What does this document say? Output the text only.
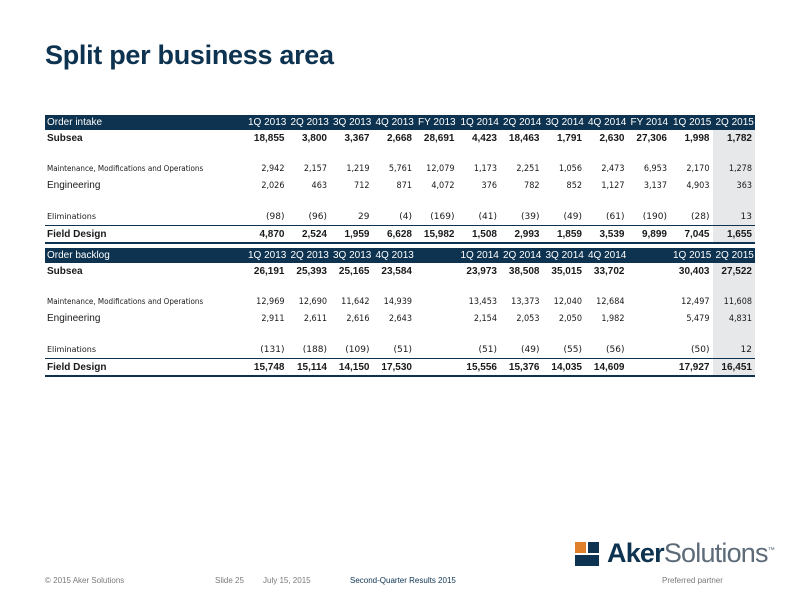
Split per business area
Order intake	1Q 2013	2Q 2013	3Q 2013	4Q 2013	FY 2013	1Q 2014	2Q 2014	3Q 2014	4Q 2014	FY 2014	1Q 2015	2Q 2015
Subsea	18,855	3,800	3,367	2,668	28,691	4,423	18,463	1,791	2,630	27,306	1,998	1,782

Maintenance, Modifications and Operations	2,942	2,157	1,219	5,761	12,079	1,173	2,251	1,056	2,473	6,953	2,170	1,278
Engineering	2,026	463	712	871	4,072	376	782	852	1,127	3,137	4,903	363

Eliminations	(98)	(96)	29	(4)	(169)	(41)	(39)	(49)	(61)	(190)	(28)	13
Field Design	4,870	2,524	1,959	6,628	15,982	1,508	2,993	1,859	3,539	9,899	7,045	1,655
Order backlog	1Q 2013	2Q 2013	3Q 2013	4Q 2013		1Q 2014	2Q 2014	3Q 2014	4Q 2014		1Q 2015	2Q 2015
Subsea	26,191	25,393	25,165	23,584		23,973	38,508	35,015	33,702		30,403	27,522

Maintenance, Modifications and Operations	12,969	12,690	11,642	14,939		13,453	13,373	12,040	12,684		12,497	11,608
Engineering	2,911	2,611	2,616	2,643		2,154	2,053	2,050	1,982		5,479	4,831

Eliminations	(131)	(188)	(109)	(51)		(51)	(49)	(55)	(56)		(50)	12
Field Design	15,748	15,114	14,150	17,530		15,556	15,376	14,035	14,609		17,927	16,451
AkerSolutions™
© 2015 Aker Solutions	Slide 25 July 15, 2015	Second-Quarter Results 2015	Preferred partner
